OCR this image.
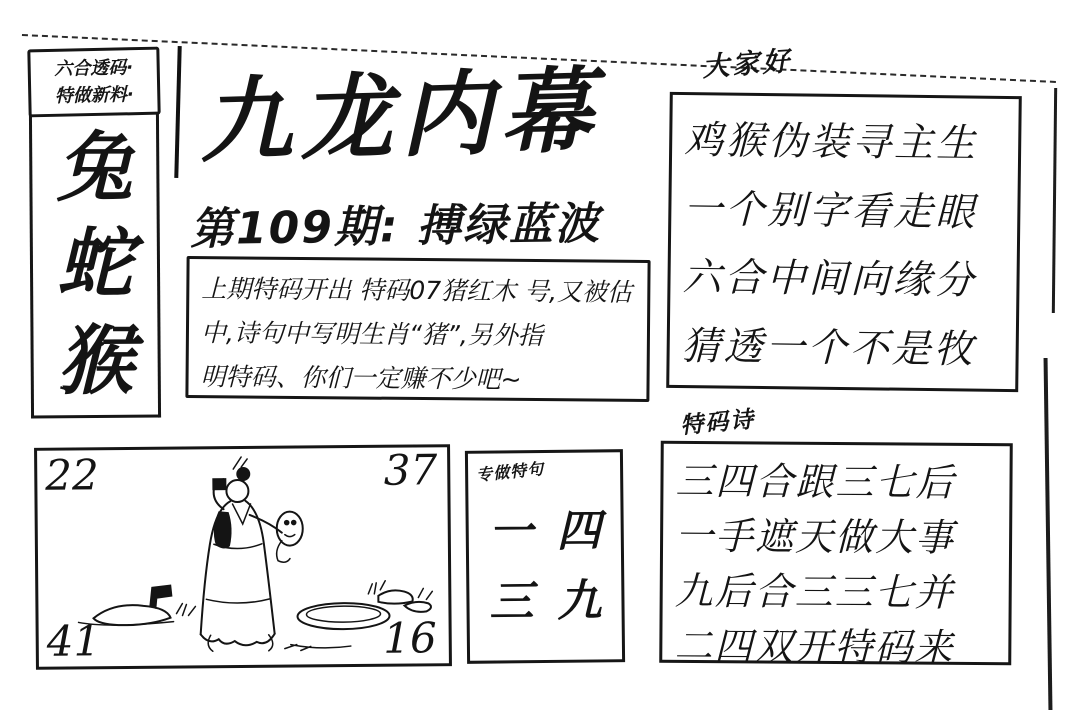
六合透码·
特做新料·
兔
蛇
猴
九龙内幕
第109期: 搏绿蓝波
上期特码开出 特码07猪红木 号,又被估
中,诗句中写明生肖“猪”,另外指
明特码、你们一定赚不少吧~
大家好
鸡猴伪装寻主生
一个别字看走眼
六合中间向缘分
猜透一个不是牧
22	37
41	16
专做特句
一 四
三 九
特码诗
三四合跟三七后
一手遮天做大事
九后合三三七并
二四双开特码来
